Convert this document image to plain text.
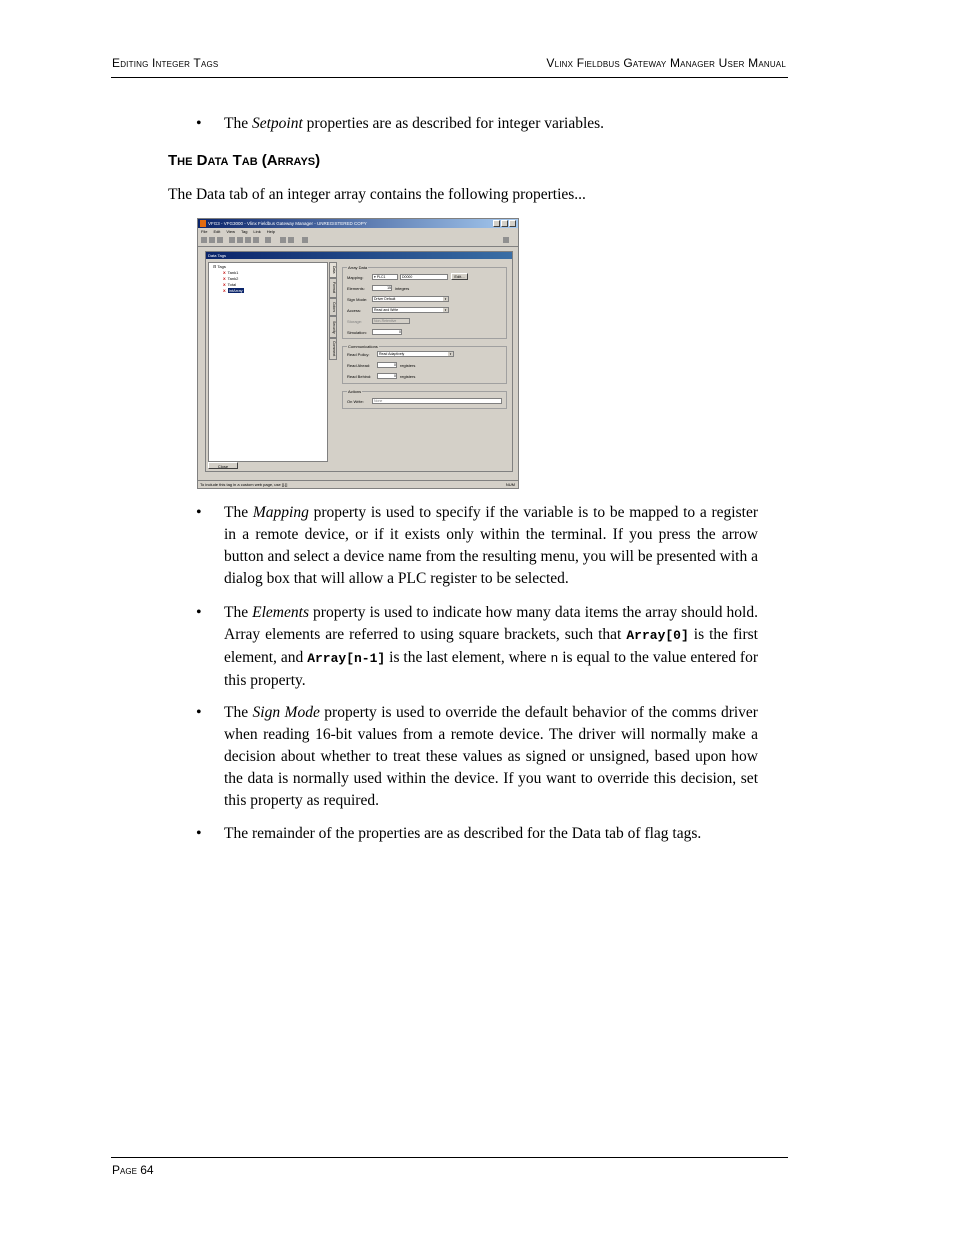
Editing Integer Tags	Vlinx Fieldbus Gateway Manager User Manual
• The Setpoint properties are as described for integer variables.
The Data Tab (Arrays)
The Data tab of an integer array contains the following properties...
VFG3 - VFG3000 - Vlinx Fieldbus Gateway Manager - UNREGISTERED COPY
File Edit View Tag Link Help
Data Tags
⊟ Tags
X Tank1
X Tank2
X Total
X IntArray
Close
Data
Format
Colors
Security
Comment
Array Data
Mapping:	▾ PLC1	D0000	Edit...
Elements:	15 integers
Sign Mode:	Driver Default	▾
Access:	Read and Write	▾
Storage:	Non-Retentive
Simulation:	0
Communications
Read Policy:	Read Adaptively	▾
Read Ahead:	0 registers
Read Behind:	0 registers
Actions
On Write:	None
To include this tag in a custom web page, use [[.]]	NUM
• The Mapping property is used to specify if the variable is to be mapped to a register in a remote device, or if it exists only within the terminal. If you press the arrow button and select a device name from the resulting menu, you will be presented with a dialog box that will allow a PLC register to be selected.
• The Elements property is used to indicate how many data items the array should hold. Array elements are referred to using square brackets, such that Array[0] is the first element, and Array[n-1] is the last element, where n is equal to the value entered for this property.
• The Sign Mode property is used to override the default behavior of the comms driver when reading 16-bit values from a remote device. The driver will normally make a decision about whether to treat these values as signed or unsigned, based upon how the data is normally used within the device. If you want to override this decision, set this property as required.
• The remainder of the properties are as described for the Data tab of flag tags.
Page 64
